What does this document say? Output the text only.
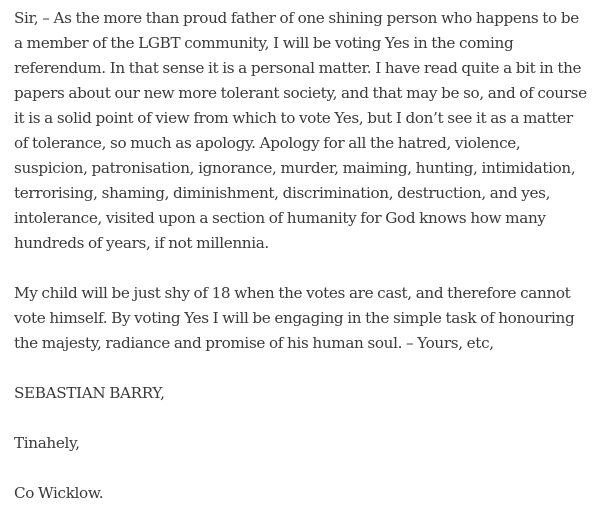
Sir, – As the more than proud father of one shining person who happens to be
a member of the LGBT community, I will be voting Yes in the coming
referendum. In that sense it is a personal matter. I have read quite a bit in the
papers about our new more tolerant society, and that may be so, and of course
it is a solid point of view from which to vote Yes, but I don’t see it as a matter
of tolerance, so much as apology. Apology for all the hatred, violence,
suspicion, patronisation, ignorance, murder, maiming, hunting, intimidation,
terrorising, shaming, diminishment, discrimination, destruction, and yes,
intolerance, visited upon a section of humanity for God knows how many
hundreds of years, if not millennia.
My child will be just shy of 18 when the votes are cast, and therefore cannot
vote himself. By voting Yes I will be engaging in the simple task of honouring
the majesty, radiance and promise of his human soul. – Yours, etc,
SEBASTIAN BARRY,
Tinahely,
Co Wicklow.
